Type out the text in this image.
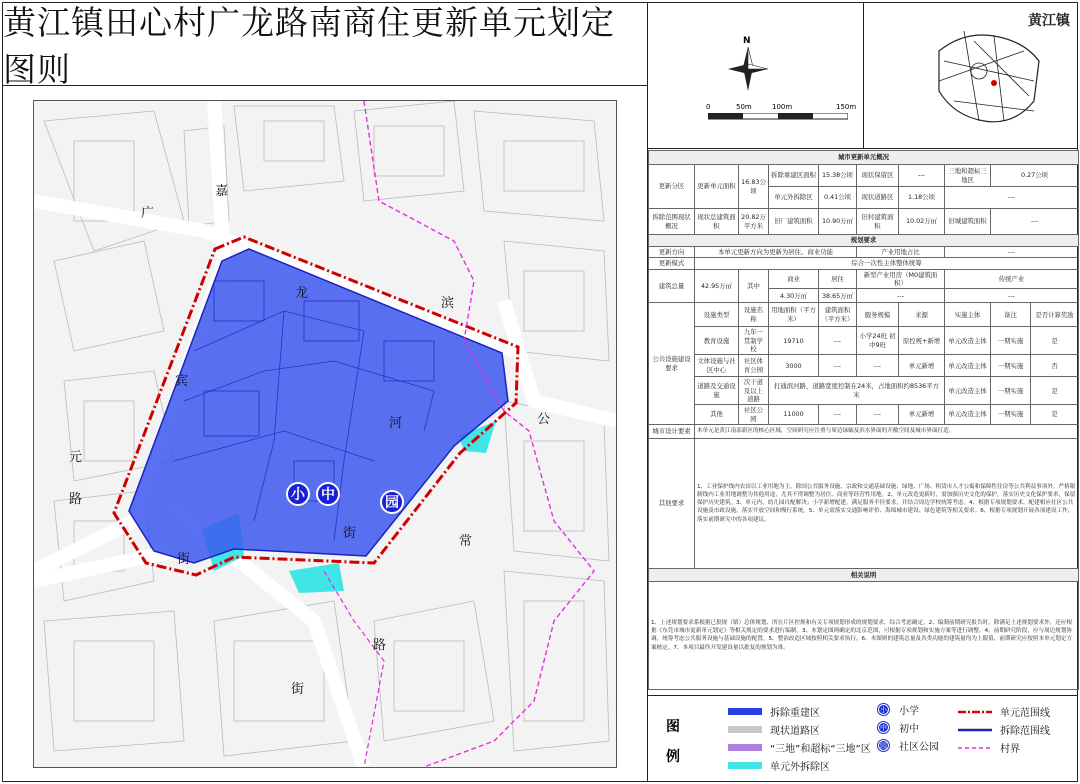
黄江镇田心村广龙路南商住更新单元划定图则
嘉
广
龙
滨
宾
河	公
元
路
常
路
街
街
街
小	中	园
N
0	50m	100m	150m
黄江镇
城市更新单元概况									
更新分区	更新单元面积	16.83公顷	拆除重建区面积	15.38公顷	现状保留区	---	三地和超标三地区	0.27公顷	
			单元外拆除区	0.41公顷	现状道路区	1.18公顷	---		
拆除范围现状概况	现状总建筑面积	20.82万平方米	旧厂建筑面积	10.90万㎡	旧村建筑面积	10.02万㎡	旧城建筑面积	---	
规划要求									
更新方向	本单元更新方向为更新为居住、商业功能				产业用地占比		---		
更新模式	综合一次性主体整体统筹								
建筑总量	42.95万㎡	其中	商业	居住	新型产业用房（M0建筑面积）		传统产业		
			4.30万㎡	38.65万㎡	---		---		
公共设施建设要求	设施类型	设施名称	用地面积（平方米）	建筑面积（平方米）	服务规模	来源	实施主体	备注	是否计算奖励
	教育设施	九年一贯制学校	19710	---	小学24班 初中9班	原控规+新增	单元改造主体	一期实施	是
	文体设施与社区中心	社区体育公园	3000	---	---	单元新增	单元改造主体	一期实施	否
	道路及交通设施	次干道及以上道路	打通滨河路，道路宽度控制在24米，占地面积约8536平方米				单元改造主体	一期实施	是
	其他	社区公园	11000	---	---	单元新增	单元改造主体	一期实施	是
城市设计要素	本单元是黄江南部新区的核心区域，空间研究应注重与周边绿轴及滨水界面的开敞空间及城市界面打造。								
其他要求	1、工业保护线内农田以工业用地为主，除国公共服务设施、宗政和交通基础设施、绿地、广场、租赁市人才公寓和保障性住房等公共利益事项外，严格限制线内工业用地调整为其他用途，尤其不得调整为居住、商业等经营性用地。2、单元改造更新时，需加强历史文化的保护，落实历史文化保护要求，保留保护历史建筑。3、单元内，幼儿园自配解决；小学新增配建，满足服务半径要求，并结合周边学校统筹考虑。4、根据专项规划要求，配建相应社区公共设施及市政设施，落实开放空间和慢行系统。5、单元需落实交通影响评价、海绵城市建设、绿色建筑等相关要求。6、根据专项规划开展各项建设工作，落实前期研究中的各项建议。								
相关说明									
1、上述规划要求系根据已批规（镇）总体规划、所在片区控规和有关专项规划形成的规划要求，综合考虑确定。2、编制前期研究报告时，除满足上述规划要求外，还应根据《东莞市城市更新单元划定》等相关规定的要求进行编制。3、本划定图则确定的北京范围，可根据专项规划和实施方案等进行调整。4、前期研究阶段，应与周边规划协调，统筹考虑公共服务设施与基础设施的配置。5、整治改造区域按照相关要求执行。6、本图则的建筑总量及各类功能的建筑量均为上限值，前期研究应按照本单元划定方案核定。7、本项目最终开发建设量以批复的规划为准。									
图
例
拆除重建区
现状道路区
“三地”和超标“三地”区
单元外拆除区
小 小学
中 初中
园 社区公园
单元范围线
拆除范围线
村界
